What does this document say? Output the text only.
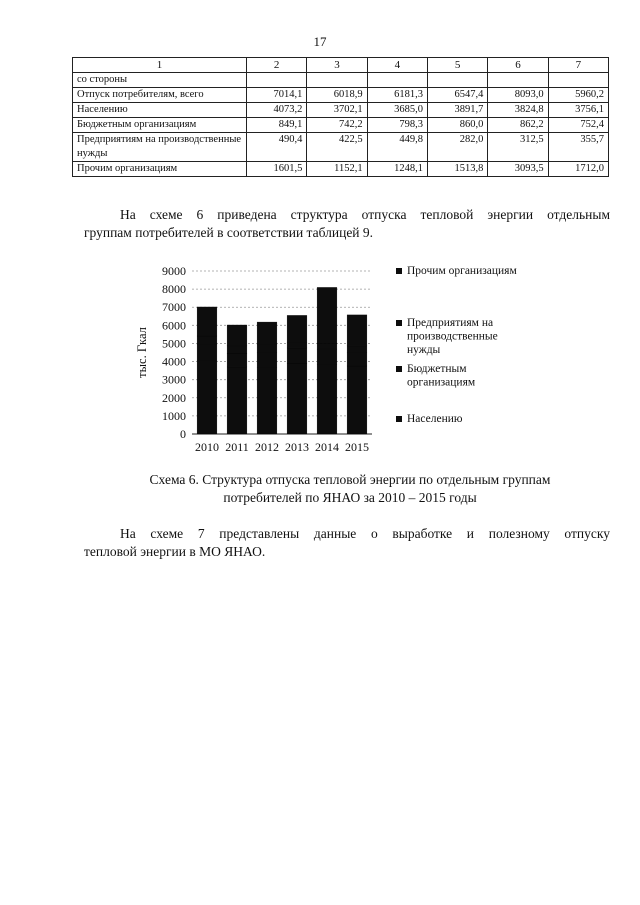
17
1	2	3	4	5	6	7
со стороны						
Отпуск потребителям, всего	7014,1	6018,9	6181,3	6547,4	8093,0	5960,2
Населению	4073,2	3702,1	3685,0	3891,7	3824,8	3756,1
Бюджетным организациям	849,1	742,2	798,3	860,0	862,2	752,4
Предприятиям на производственные нужды	490,4	422,5	449,8	282,0	312,5	355,7
Прочим организациям	1601,5	1152,1	1248,1	1513,8	3093,5	1712,0

На схеме 6 приведена структура отпуска тепловой энергии отдельным
группам потребителей в соответствии таблицей 9.

0
1000
2000
3000
4000
5000
6000
7000
8000
9000
тыс. Гкал
2010 2011 2012 2013 2014 2015
Прочим организациям
Предприятиям на
производственные
нужды
Бюджетным
организациям
Населению
Схема 6. Структура отпуска тепловой энергии по отдельным группам
потребителей по ЯНАО за 2010 – 2015 годы

На схеме 7 представлены данные о выработке и полезному отпуску
тепловой энергии в МО ЯНАО.
